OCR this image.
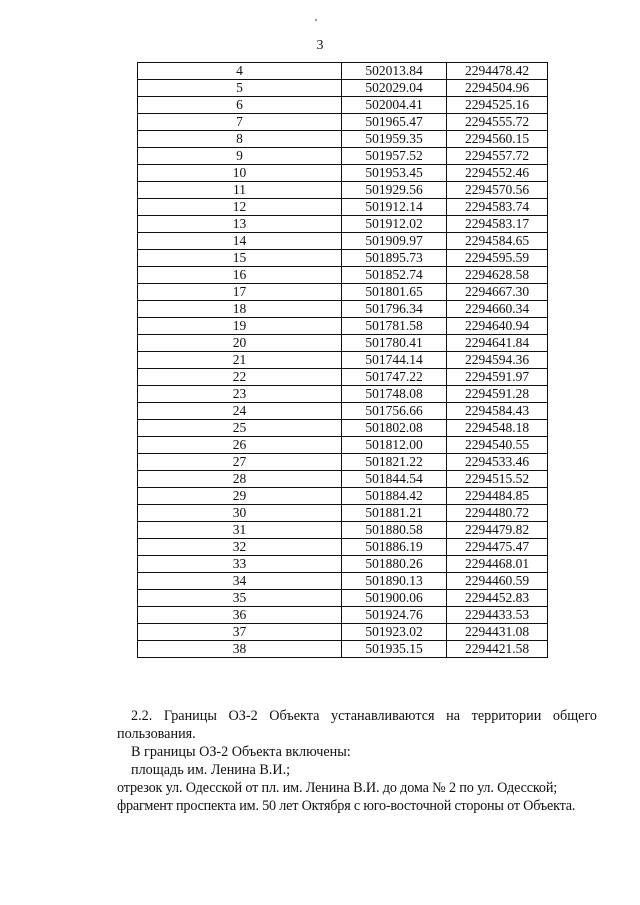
3
4	502013.84	2294478.42
5	502029.04	2294504.96
6	502004.41	2294525.16
7	501965.47	2294555.72
8	501959.35	2294560.15
9	501957.52	2294557.72
10	501953.45	2294552.46
11	501929.56	2294570.56
12	501912.14	2294583.74
13	501912.02	2294583.17
14	501909.97	2294584.65
15	501895.73	2294595.59
16	501852.74	2294628.58
17	501801.65	2294667.30
18	501796.34	2294660.34
19	501781.58	2294640.94
20	501780.41	2294641.84
21	501744.14	2294594.36
22	501747.22	2294591.97
23	501748.08	2294591.28
24	501756.66	2294584.43
25	501802.08	2294548.18
26	501812.00	2294540.55
27	501821.22	2294533.46
28	501844.54	2294515.52
29	501884.42	2294484.85
30	501881.21	2294480.72
31	501880.58	2294479.82
32	501886.19	2294475.47
33	501880.26	2294468.01
34	501890.13	2294460.59
35	501900.06	2294452.83
36	501924.76	2294433.53
37	501923.02	2294431.08
38	501935.15	2294421.58

2.2. Границы ОЗ-2 Объекта устанавливаются на территории общего пользования.

В границы ОЗ-2 Объекта включены:

площадь им. Ленина В.И.;

отрезок ул. Одесской от пл. им. Ленина В.И. до дома № 2 по ул. Одесской;

фрагмент проспекта им. 50 лет Октября с юго-восточной стороны от Объекта.
